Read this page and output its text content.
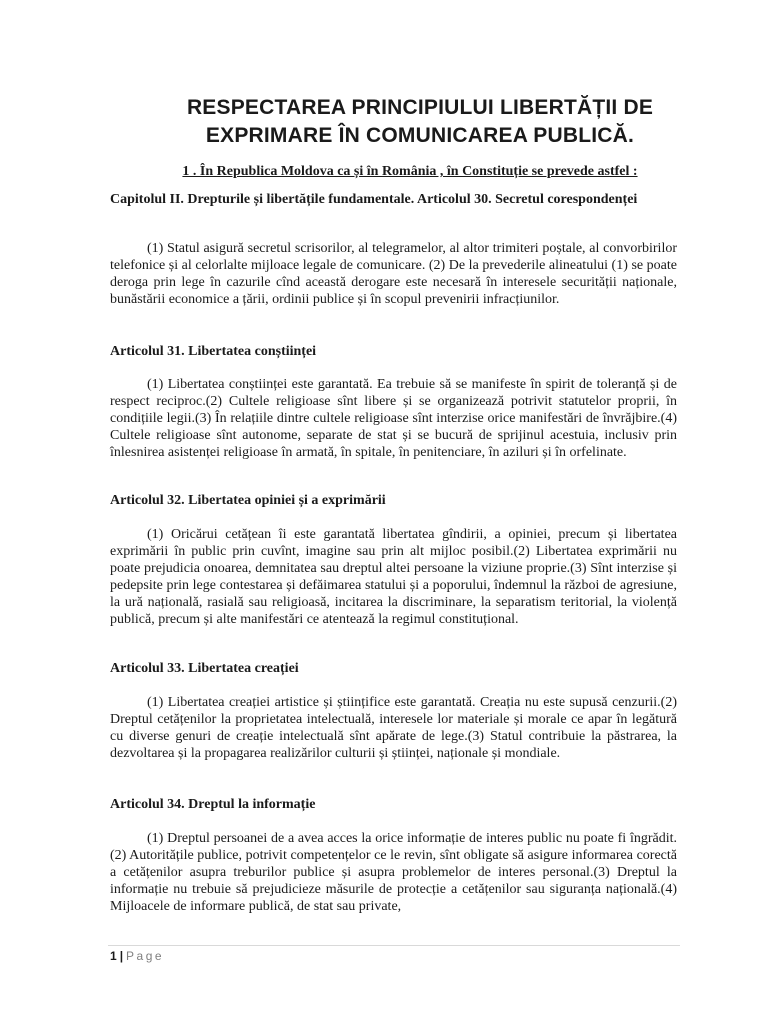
RESPECTAREA PRINCIPIULUI LIBERTĂȚII DE EXPRIMARE ÎN COMUNICAREA PUBLICĂ.

1 . În Republica Moldova ca și în România , în Constituție se prevede astfel :

Capitolul II. Drepturile și libertățile fundamentale. Articolul 30. Secretul corespondenței

(1) Statul asigură secretul scrisorilor, al telegramelor, al altor trimiteri poștale, al convorbirilor telefonice și al celorlalte mijloace legale de comunicare. (2) De la prevederile alineatului (1) se poate deroga prin lege în cazurile cînd această derogare este necesară în interesele securității naționale, bunăstării economice a țării, ordinii publice și în scopul prevenirii infracțiunilor.

Articolul 31. Libertatea conștiinței

(1) Libertatea conștiinței este garantată. Ea trebuie să se manifeste în spirit de toleranță și de respect reciproc.(2) Cultele religioase sînt libere și se organizează potrivit statutelor proprii, în condițiile legii.(3) În relațiile dintre cultele religioase sînt interzise orice manifestări de învrăjbire.(4) Cultele religioase sînt autonome, separate de stat și se bucură de sprijinul acestuia, inclusiv prin înlesnirea asistenței religioase în armată, în spitale, în penitenciare, în aziluri și în orfelinate.

Articolul 32. Libertatea opiniei și a exprimării

(1) Oricărui cetățean îi este garantată libertatea gîndirii, a opiniei, precum și libertatea exprimării în public prin cuvînt, imagine sau prin alt mijloc posibil.(2) Libertatea exprimării nu poate prejudicia onoarea, demnitatea sau dreptul altei persoane la viziune proprie.(3) Sînt interzise și pedepsite prin lege contestarea și defăimarea statului și a poporului, îndemnul la război de agresiune, la ură națională, rasială sau religioasă, incitarea la discriminare, la separatism teritorial, la violență publică, precum și alte manifestări ce atentează la regimul constituțional.

Articolul 33. Libertatea creației

(1) Libertatea creației artistice și științifice este garantată. Creația nu este supusă cenzurii.(2) Dreptul cetățenilor la proprietatea intelectuală, interesele lor materiale și morale ce apar în legătură cu diverse genuri de creație intelectuală sînt apărate de lege.(3) Statul contribuie la păstrarea, la dezvoltarea și la propagarea realizărilor culturii și științei, naționale și mondiale.

Articolul 34. Dreptul la informație

(1) Dreptul persoanei de a avea acces la orice informație de interes public nu poate fi îngrădit.(2) Autoritățile publice, potrivit competențelor ce le revin, sînt obligate să asigure informarea corectă a cetățenilor asupra treburilor publice și asupra problemelor de interes personal.(3) Dreptul la informație nu trebuie să prejudicieze măsurile de protecție a cetățenilor sau siguranța națională.(4) Mijloacele de informare publică, de stat sau private,

1 | Page
